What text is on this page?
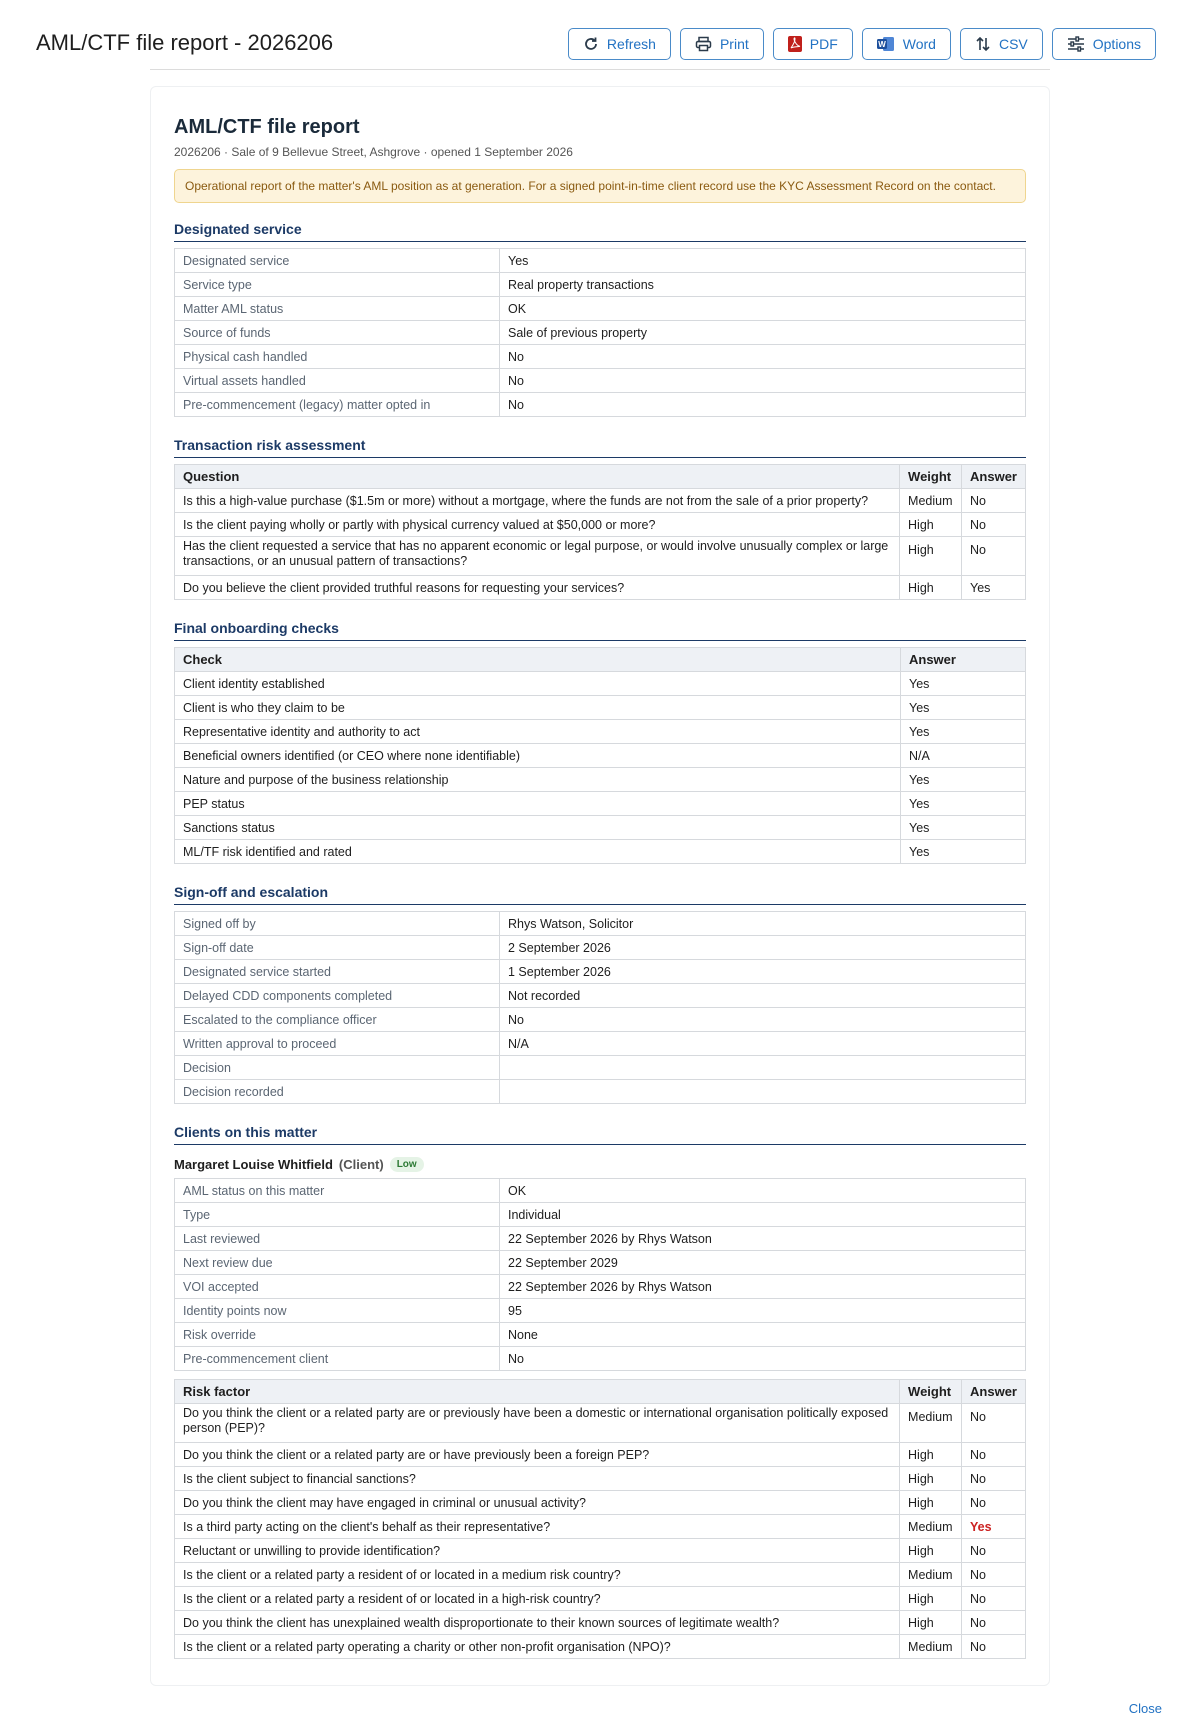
AML/CTF file report - 2026206	Refresh	Print	PDF	W Word	CSV	Options
AML/CTF file report
2026206 · Sale of 9 Bellevue Street, Ashgrove · opened 1 September 2026
Operational report of the matter's AML position as at generation. For a signed point-in-time client record use the KYC Assessment Record on the contact.
Designated service
Designated service	Yes
Service type	Real property transactions
Matter AML status	OK
Source of funds	Sale of previous property
Physical cash handled	No
Virtual assets handled	No
Pre-commencement (legacy) matter opted in	No
Transaction risk assessment
Question	Weight	Answer
Is this a high-value purchase ($1.5m or more) without a mortgage, where the funds are not from the sale of a prior property?	Medium	No
Is the client paying wholly or partly with physical currency valued at $50,000 or more?	High	No
Has the client requested a service that has no apparent economic or legal purpose, or would involve unusually complex or large transactions, or an unusual pattern of transactions?	High	No
Do you believe the client provided truthful reasons for requesting your services?	High	Yes
Final onboarding checks
Check	Answer
Client identity established	Yes
Client is who they claim to be	Yes
Representative identity and authority to act	Yes
Beneficial owners identified (or CEO where none identifiable)	N/A
Nature and purpose of the business relationship	Yes
PEP status	Yes
Sanctions status	Yes
ML/TF risk identified and rated	Yes
Sign-off and escalation
Signed off by	Rhys Watson, Solicitor
Sign-off date	2 September 2026
Designated service started	1 September 2026
Delayed CDD components completed	Not recorded
Escalated to the compliance officer	No
Written approval to proceed	N/A
Decision	
Decision recorded	
Clients on this matter
Margaret Louise Whitfield (Client)	Low
AML status on this matter	OK
Type	Individual
Last reviewed	22 September 2026 by Rhys Watson
Next review due	22 September 2029
VOI accepted	22 September 2026 by Rhys Watson
Identity points now	95
Risk override	None
Pre-commencement client	No
Risk factor	Weight	Answer
Do you think the client or a related party are or previously have been a domestic or international organisation politically exposed person (PEP)?	Medium	No
Do you think the client or a related party are or have previously been a foreign PEP?	High	No
Is the client subject to financial sanctions?	High	No
Do you think the client may have engaged in criminal or unusual activity?	High	No
Is a third party acting on the client's behalf as their representative?	Medium	Yes
Reluctant or unwilling to provide identification?	High	No
Is the client or a related party a resident of or located in a medium risk country?	Medium	No
Is the client or a related party a resident of or located in a high-risk country?	High	No
Do you think the client has unexplained wealth disproportionate to their known sources of legitimate wealth?	High	No
Is the client or a related party operating a charity or other non-profit organisation (NPO)?	Medium	No
Close
